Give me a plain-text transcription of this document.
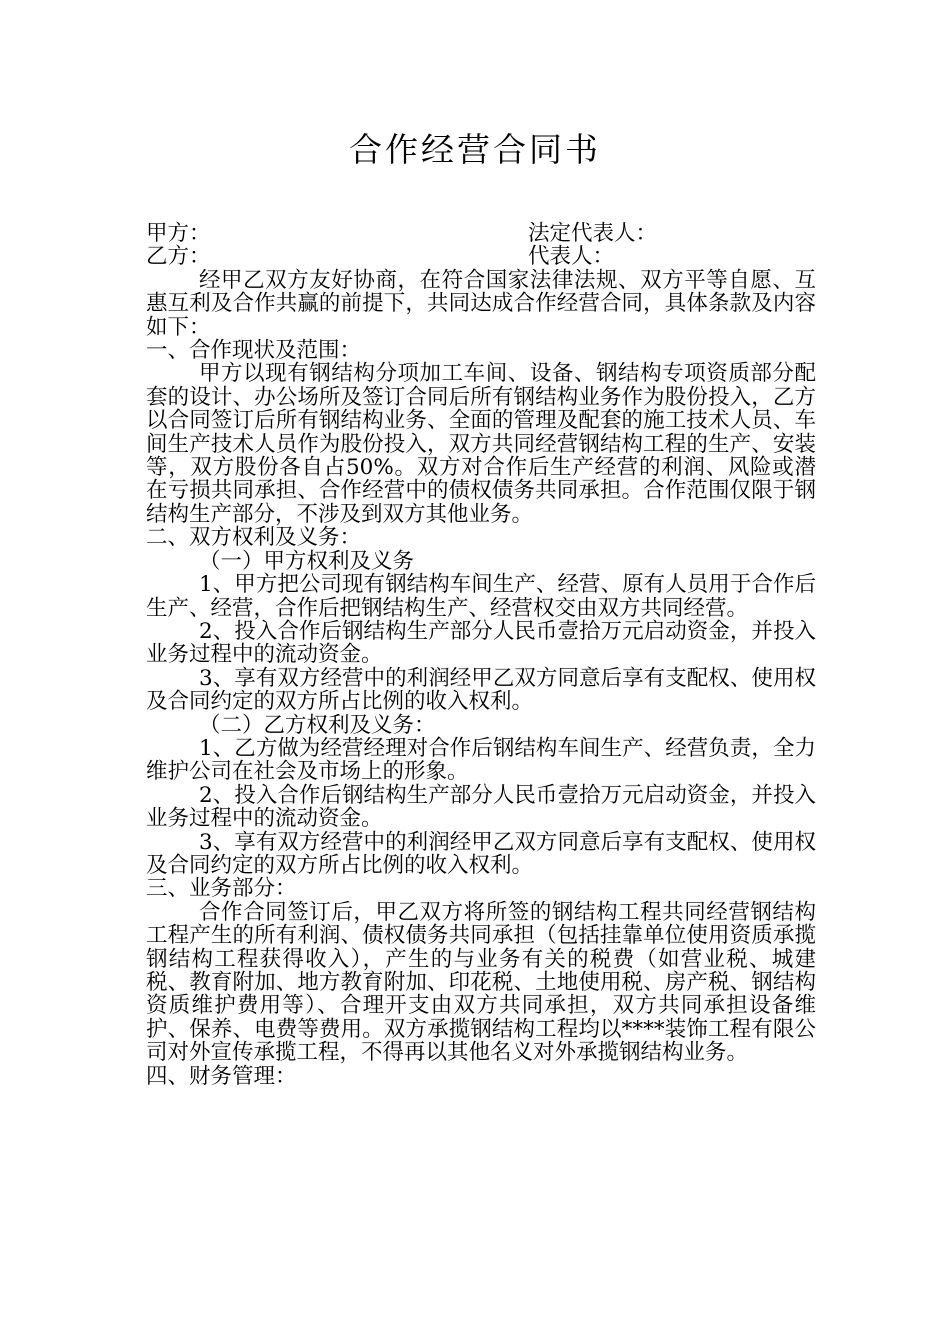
合作经营合同书
甲方：	法定代表人：
乙方：	代表人：

经甲乙双方友好协商，在符合国家法律法规、双方平等自愿、互惠互利及合作共赢的前提下，共同达成合作经营合同，具体条款及内容如下：

一、合作现状及范围：

甲方以现有钢结构分项加工车间、设备、钢结构专项资质部分配套的设计、办公场所及签订合同后所有钢结构业务作为股份投入，乙方以合同签订后所有钢结构业务、全面的管理及配套的施工技术人员、车间生产技术人员作为股份投入，双方共同经营钢结构工程的生产、安装等，双方股份各自占50%。双方对合作后生产经营的利润、风险或潜在亏损共同承担、合作经营中的债权债务共同承担。合作范围仅限于钢结构生产部分，不涉及到双方其他业务。

二、双方权利及义务：

（一）甲方权利及义务

1、甲方把公司现有钢结构车间生产、经营、原有人员用于合作后生产、经营，合作后把钢结构生产、经营权交由双方共同经营。

2、投入合作后钢结构生产部分人民币壹拾万元启动资金，并投入业务过程中的流动资金。

3、享有双方经营中的利润经甲乙双方同意后享有支配权、使用权及合同约定的双方所占比例的收入权利。

（二）乙方权利及义务：

1、乙方做为经营经理对合作后钢结构车间生产、经营负责，全力维护公司在社会及市场上的形象。

2、投入合作后钢结构生产部分人民币壹拾万元启动资金，并投入业务过程中的流动资金。

3、享有双方经营中的利润经甲乙双方同意后享有支配权、使用权及合同约定的双方所占比例的收入权利。

三、业务部分：

合作合同签订后，甲乙双方将所签的钢结构工程共同经营钢结构工程产生的所有利润、债权债务共同承担（包括挂靠单位使用资质承揽钢结构工程获得收入），产生的与业务有关的税费（如营业税、城建税、教育附加、地方教育附加、印花税、土地使用税、房产税、钢结构资质维护费用等）、合理开支由双方共同承担，双方共同承担设备维护、保养、电费等费用。双方承揽钢结构工程均以****装饰工程有限公司对外宣传承揽工程，不得再以其他名义对外承揽钢结构业务。

四、财务管理：
